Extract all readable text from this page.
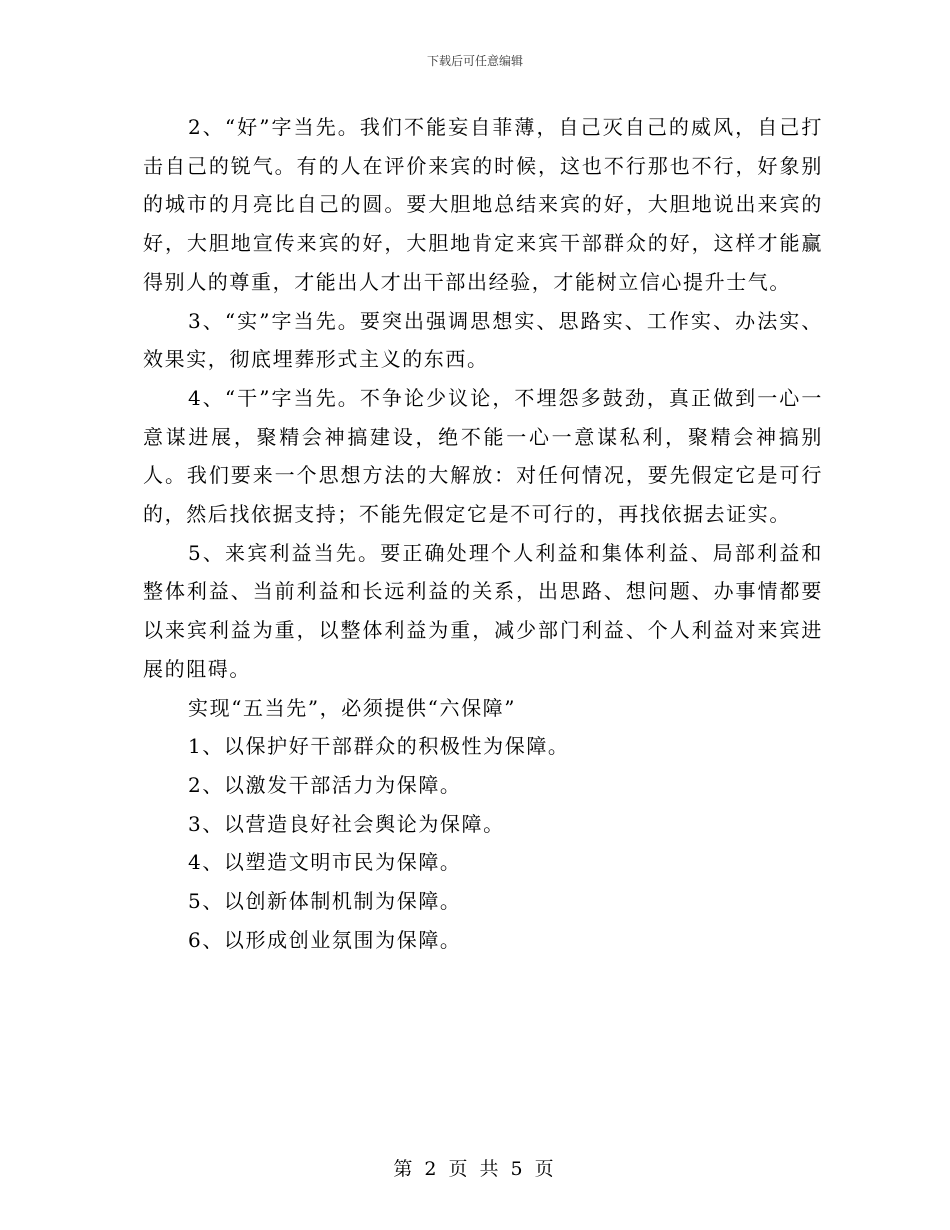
下载后可任意编辑

2、“好”字当先。我们不能妄自菲薄，自己灭自己的威风，自己打击自己的锐气。有的人在评价来宾的时候，这也不行那也不行，好象别的城市的月亮比自己的圆。要大胆地总结来宾的好，大胆地说出来宾的好，大胆地宣传来宾的好，大胆地肯定来宾干部群众的好，这样才能赢得别人的尊重，才能出人才出干部出经验，才能树立信心提升士气。

3、“实”字当先。要突出强调思想实、思路实、工作实、办法实、效果实，彻底埋葬形式主义的东西。

4、“干”字当先。不争论少议论，不埋怨多鼓劲，真正做到一心一意谋进展，聚精会神搞建设，绝不能一心一意谋私利，聚精会神搞别人。我们要来一个思想方法的大解放：对任何情况，要先假定它是可行的，然后找依据支持；不能先假定它是不可行的，再找依据去证实。

5、来宾利益当先。要正确处理个人利益和集体利益、局部利益和整体利益、当前利益和长远利益的关系，出思路、想问题、办事情都要以来宾利益为重，以整体利益为重，减少部门利益、个人利益对来宾进展的阻碍。

实现“五当先”，必须提供“六保障”

1、以保护好干部群众的积极性为保障。

2、以激发干部活力为保障。

3、以营造良好社会舆论为保障。

4、以塑造文明市民为保障。

5、以创新体制机制为保障。

6、以形成创业氛围为保障。

第 2 页 共 5 页
